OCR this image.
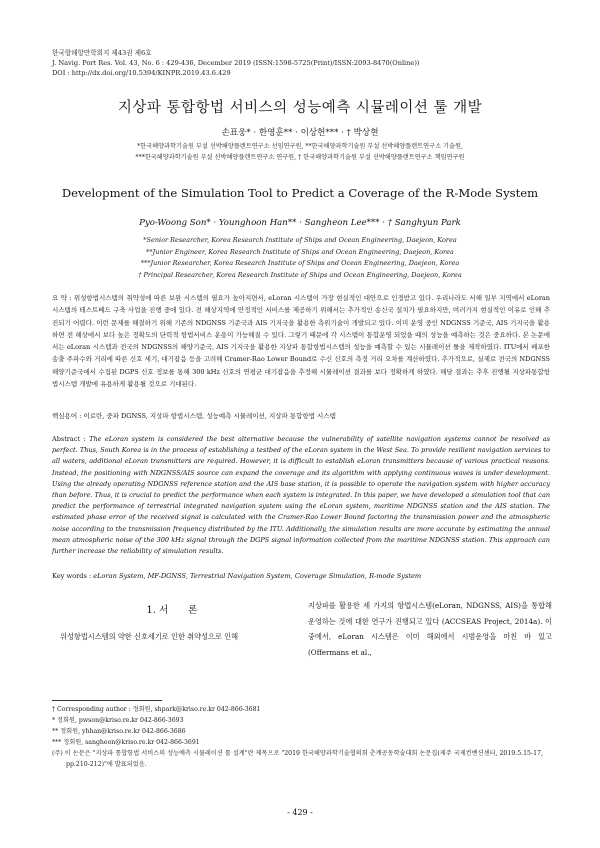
한국항해항만학회지 제43권 제6호
J. Navig. Port Res. Vol. 43, No. 6 : 429-436, December 2019 (ISSN:1598-5725(Print)/ISSN:2093-8470(Online))
DOI : http://dx.doi.org/10.5394/KINPR.2019.43.6.429
지상파 통합항법 서비스의 성능예측 시뮬레이션 툴 개발
손표웅* · 한영훈** · 이상헌*** · † 박상현
*한국해양과학기술원 부설 선박해양플랜트연구소 선임연구원, **한국해양과학기술원 부설 선박해양플랜트연구소 기술원,
***한국해양과학기술원 부설 선박해양플랜트연구소 연구원, † 한국해양과학기술원 부설 선박해양플랜트연구소 책임연구원
Development of the Simulation Tool to Predict a Coverage of the R-Mode System
Pyo-Woong Son* · Younghoon Han** · Sangheon Lee*** · † Sanghyun Park
*Senior Researcher, Korea Research Institute of Ships and Ocean Engineering, Daejeon, Korea
**Junior Engineer, Korea Research Institute of Ships and Ocean Engineering, Daejeon, Korea
***Junior Researcher, Korea Research Institute of Ships and Ocean Engineering, Daejeon, Korea
† Principal Researcher, Korea Research Institute of Ships and Ocean Engineering, Daejeon, Korea
요 약 : 위성항법시스템의 취약성에 따른 보완 시스템의 필요가 높아지면서, eLoran 시스템이 가장 현실적인 대안으로 인정받고 있다. 우리나라도 서해 일부 지역에서 eLoran 시스템의 테스트베드 구축 사업을 진행 중에 있다. 전 해상지역에 안정적인 서비스를 제공하기 위해서는 추가적인 송신국 설치가 필요하지만, 여러가지 현실적인 이유로 인해 추진되기 어렵다. 이런 문제를 해결하기 위해 기존의 NDGNSS 기준국과 AIS 기지국을 활용한 측위기술이 개발되고 있다. 이미 운영 중인 NDGNSS 기준국, AIS 기지국을 활용하면 전 해상에서 보다 높은 정확도의 단력적 항법서비스 운용이 가능해질 수 있다. 그렇기 때문에 각 시스템이 통합운영 되었을 때의 성능을 예측하는 것은 중요하다. 본 논문에서는 eLoran 시스템과 전국의 NDGNSS의 해양기준국, AIS 기지국을 활용한 지상파 통합항법시스템의 성능을 예측할 수 있는 시뮬레이션 툴을 제작하였다. ITU에서 배포한 송출 주파수와 거리에 따른 신호 세기, 대기잡음 등을 고려해 Cramer-Rao Lower Bound로 수신 신호의 측정 거리 오차를 계산하였다. 추가적으로, 실제로 전국의 NDGNSS 해양기준국에서 수집된 DGPS 신호 정보를 통해 300 kHz 신호의 연평균 대기잡음을 추정해 시뮬레이션 결과를 보다 정확하게 하였다. 해당 결과는 추후 진행될 지상파통합항법시스템 개발에 유용하게 활용될 것으로 기대된다.
핵심용어 : 이로란, 중파 DGNSS, 지상파 항법시스템, 성능예측 시뮬레이션, 지상파 통합항법 시스템
Abstract : The eLoran system is considered the best alternative because the vulnerability of satellite navigation systems cannot be resolved as perfect. Thus, South Korea is in the process of establishing a testbed of the eLoran system in the West Sea. To provide resilient navigation services to all waters, additional eLoran transmitters are required. However, it is difficult to establish eLoran transmitters because of various practical reasons. Instead, the positioning with NDGNSS/AIS source can expand the coverage and its algorithm with applying continuous waves is under development. Using the already operating NDGNSS reference station and the AIS base station, it is possible to operate the navigation system with higher accuracy than before. Thus, it is crucial to predict the performance when each system is integrated. In this paper, we have developed a simulation tool that can predict the performance of terrestrial integrated navigation system using the eLoran system, maritime NDGNSS station and the AIS station. The estimated phase error of the received signal is calculated with the Cramer-Rao Lower Bound factoring the transmission power and the atmospheric noise according to the transmission frequency distributed by the ITU. Additionally, the simulation results are more accurate by estimating the annual mean atmospheric noise of the 300 kHz signal through the DGPS signal information collected from the maritime NDGNSS station. This approach can further increase the reliability of simulation results.
Key words : eLoran System, MF-DGNSS, Terrestrial Navigation System, Coverage Simulation, R-mode System
1. 서　　론
위성항법시스템의 약한 신호세기로 인한 취약성으로 인해
지상파를 활용한 세 가지의 항법시스템(eLoran, NDGNSS, AIS)을 통합해 운영하는 것에 대한 연구가 진행되고 있다 (ACCSEAS Project, 2014a). 이 중에서, eLoran 시스템은 이미 해외에서 시범운영을 마친 바 있고 (Offermans et al.,
† Corresponding author : 정회원, shpark@kriso.re.kr 042-866-3681
* 정회원, pwson@kriso.re.kr 042-866-3693
** 정회원, yhhan@kriso.re.kr 042-866-3686
*** 정회원, sangheon@kriso.re.kr 042-866-3691
(주) 이 논문은 "지상파 통합항법 서비스의 성능예측 시뮬레이션 툴 설계"란 제목으로 "2019 한국해양과학기술협의회 춘계공동학술대회 논문집(제주 국제컨벤션센터, 2019.5.15-17, pp.210-212)"에 발표되었음.
- 429 -
